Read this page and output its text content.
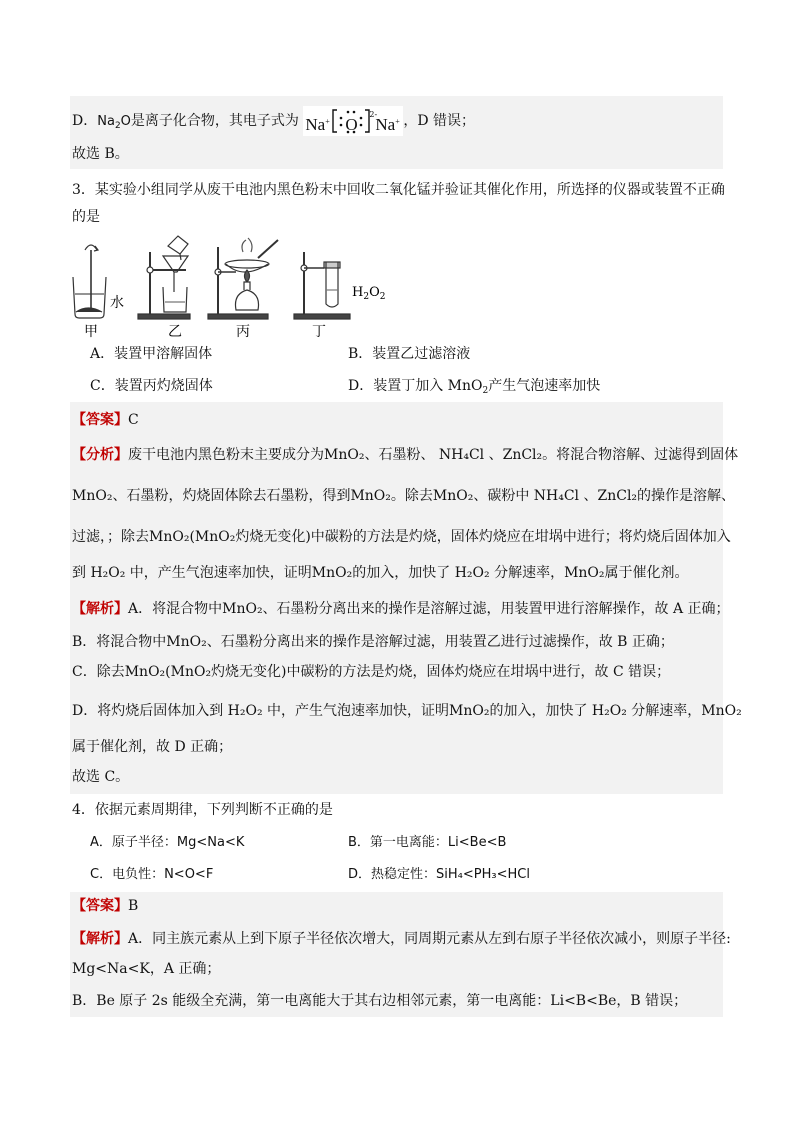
D．$Na_2O$是离子化合物，其电子式为 Na+ O
2-
Na+ ，D 错误；
故选 B。
3．某实验小组同学从废干电池内黑色粉末中回收二氧化锰并验证其催化作用，所选择的仪器或装置不正确
的是
水
$H_2O_2$
甲	乙	丙	丁
A．装置甲溶解固体	B．装置乙过滤溶液
C．装置丙灼烧固体	D．装置丁加入 MnO$_2$产生气泡速率加快
【答案】C
【分析】废干电池内黑色粉末主要成分为MnO₂、石墨粉、 NH₄Cl 、ZnCl₂。将混合物溶解、过滤得到固体
MnO₂、石墨粉，灼烧固体除去石墨粉，得到MnO₂。除去MnO₂、碳粉中 NH₄Cl 、ZnCl₂的操作是溶解、
过滤，；除去MnO₂(MnO₂灼烧无变化)中碳粉的方法是灼烧，固体灼烧应在坩埚中进行；将灼烧后固体加入
到 H₂O₂ 中，产生气泡速率加快，证明MnO₂的加入，加快了 H₂O₂ 分解速率，MnO₂属于催化剂。
【解析】A．将混合物中MnO₂、石墨粉分离出来的操作是溶解过滤，用装置甲进行溶解操作，故 A 正确；
B．将混合物中MnO₂、石墨粉分离出来的操作是溶解过滤，用装置乙进行过滤操作，故 B 正确；
C．除去MnO₂(MnO₂灼烧无变化)中碳粉的方法是灼烧，固体灼烧应在坩埚中进行，故 C 错误；
D．将灼烧后固体加入到 H₂O₂ 中，产生气泡速率加快，证明MnO₂的加入，加快了 H₂O₂ 分解速率，MnO₂
属于催化剂，故 D 正确；
故选 C。
4．依据元素周期律，下列判断不正确的是
A．原子半径：Mg<Na<K	B．第一电离能：Li<Be<B
C．电负性：N<O<F	D．热稳定性：SiH₄<PH₃<HCl
【答案】B
【解析】A．同主族元素从上到下原子半径依次增大，同周期元素从左到右原子半径依次减小，则原子半径:
Mg<Na<K，A 正确；
B．Be 原子 2s 能级全充满，第一电离能大于其右边相邻元素，第一电离能：Li<B<Be，B 错误；
